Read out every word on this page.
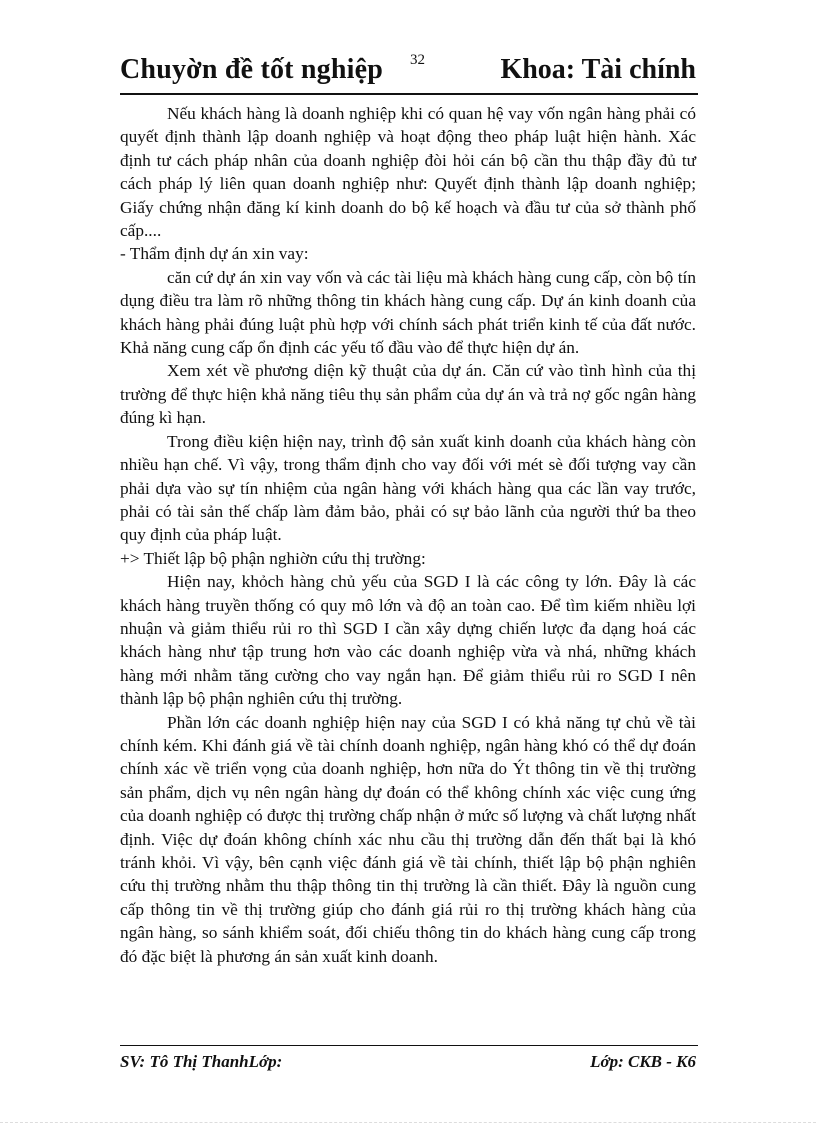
Chuyờn đề tốt nghiệp 32	Khoa: Tài chính

Nếu khách hàng là doanh nghiệp khi có quan hệ vay vốn ngân hàng phải có quyết định thành lập doanh nghiệp và hoạt động theo pháp luật hiện hành. Xác định tư cách pháp nhân của doanh nghiệp đòi hỏi cán bộ cần thu thập đầy đủ tư cách pháp lý liên quan doanh nghiệp như: Quyết định thành lập doanh nghiệp; Giấy chứng nhận đăng kí kinh doanh do bộ kế hoạch và đầu tư của sở thành phố cấp....

- Thẩm định dự án xin vay:

căn cứ dự án xin vay vốn và các tài liệu mà khách hàng cung cấp, còn bộ tín dụng điều tra làm rõ những thông tin khách hàng cung cấp. Dự án kinh doanh của khách hàng phải đúng luật phù hợp với chính sách phát triển kinh tế của đất nước. Khả năng cung cấp ổn định các yếu tố đầu vào để thực hiện dự án.

Xem xét về phương diện kỹ thuật của dự án. Căn cứ vào tình hình của thị trường để thực hiện khả năng tiêu thụ sản phẩm của dự án và trả nợ gốc ngân hàng đúng kì hạn.

Trong điều kiện hiện nay, trình độ sản xuất kinh doanh của khách hàng còn nhiều hạn chế. Vì vậy, trong thẩm định cho vay đối với mét sè đối tượng vay cần phải dựa vào sự tín nhiệm của ngân hàng với khách hàng qua các lần vay trước, phải có tài sản thế chấp làm đảm bảo, phải có sự bảo lãnh của người thứ ba theo quy định của pháp luật.

+> Thiết lập bộ phận nghiờn cứu thị trường:

Hiện nay, khỏch hàng chủ yếu của SGD I là các công ty lớn. Đây là các khách hàng truyền thống có quy mô lớn và độ an toàn cao. Để tìm kiếm nhiều lợi nhuận và giảm thiểu rủi ro thì SGD I cần xây dựng chiến lược đa dạng hoá các khách hàng như tập trung hơn vào các doanh nghiệp vừa và nhá, những khách hàng mới nhằm tăng cường cho vay ngắn hạn. Để giảm thiểu rủi ro SGD I nên thành lập bộ phận nghiên cứu thị trường.

Phần lớn các doanh nghiệp hiện nay của SGD I có khả năng tự chủ về tài chính kém. Khi đánh giá về tài chính doanh nghiệp, ngân hàng khó có thể dự đoán chính xác về triển vọng của doanh nghiệp, hơn nữa do Ýt thông tin về thị trường sản phẩm, dịch vụ nên ngân hàng dự đoán có thể không chính xác việc cung ứng của doanh nghiệp có được thị trường chấp nhận ở mức số lượng và chất lượng nhất định. Việc dự đoán không chính xác nhu cầu thị trường dẫn đến thất bại là khó tránh khỏi. Vì vậy, bên cạnh việc đánh giá về tài chính, thiết lập bộ phận nghiên cứu thị trường nhằm thu thập thông tin thị trường là cần thiết. Đây là nguồn cung cấp thông tin về thị trường giúp cho đánh giá rủi ro thị trường khách hàng của ngân hàng, so sánh khiểm soát, đối chiếu thông tin do khách hàng cung cấp trong đó đặc biệt là phương án sản xuất kinh doanh.

SV: Tô Thị ThanhLớp:	Lớp: CKB - K6
